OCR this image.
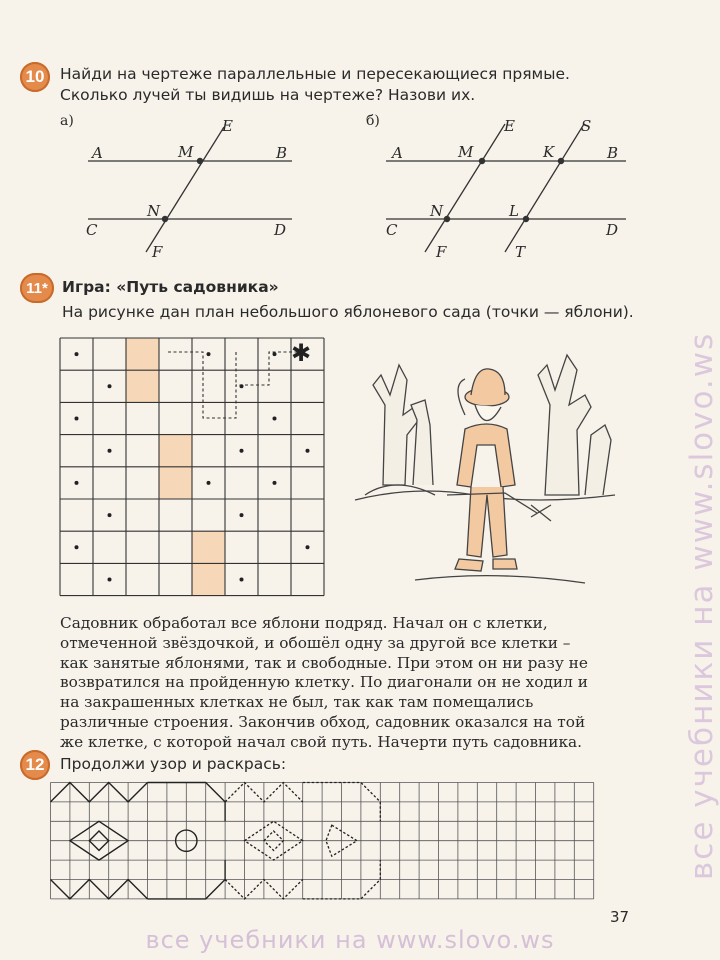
10 Найди на чертеже параллельные и пересекающиеся прямые.
Сколько лучей ты видишь на чертеже? Назови их.
а)
A	M
E
B
N
C	D
F
б)
A	M
E
K
S
B
N	L
C	D
F	T
11* Игра: «Путь садовника»
На рисунке дан план небольшого яблоневого сада (точки — яблони).
✱
Садовник обработал все яблони подряд. Начал он с клетки,
отмеченной звёздочкой, и обошёл одну за другой все клетки –
как занятые яблонями, так и свободные. При этом он ни разу не
возвратился на пройденную клетку. По диагонали он не ходил и
на закрашенных клетках не был, так как там помещались
различные строения. Закончив обход, садовник оказался на той
же клетке, с которой начал свой путь. Начерти путь садовника.
12 Продолжи узор и раскрась:
37
все учебники на www.slovo.ws
все учебники на www.slovo.ws
